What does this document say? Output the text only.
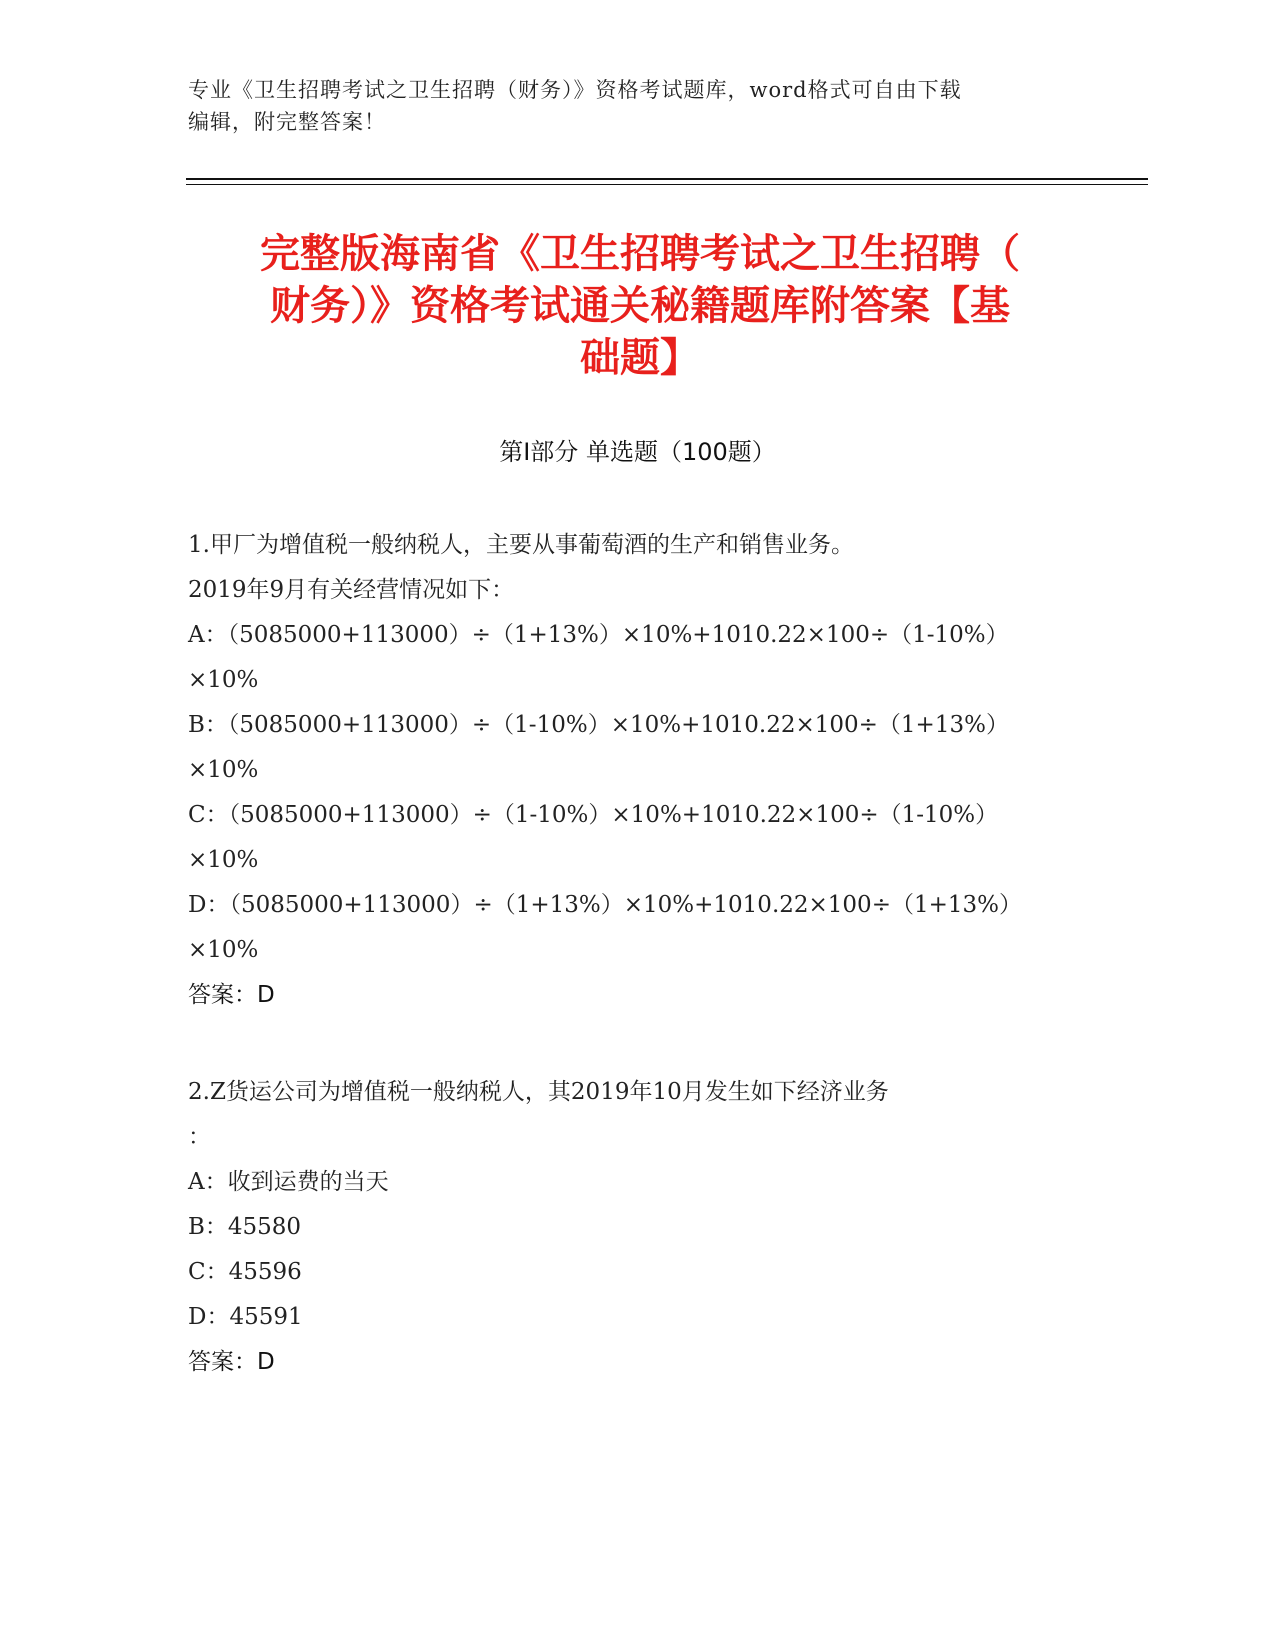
专业《卫生招聘考试之卫生招聘（财务）》资格考试题库，word格式可自由下载
编辑，附完整答案！
完整版海南省《卫生招聘考试之卫生招聘（
财务）》资格考试通关秘籍题库附答案【基
础题】
第Ⅰ部分 单选题（100题）
1.甲厂为增值税一般纳税人，主要从事葡萄酒的生产和销售业务。
2019年9月有关经营情况如下：
A：（5085000+113000）÷（1+13%）×10%+1010.22×100÷（1-10%）
×10%
B：（5085000+113000）÷（1-10%）×10%+1010.22×100÷（1+13%）
×10%
C：（5085000+113000）÷（1-10%）×10%+1010.22×100÷（1-10%）
×10%
D：（5085000+113000）÷（1+13%）×10%+1010.22×100÷（1+13%）
×10%
答案：D
2.Z货运公司为增值税一般纳税人，其2019年10月发生如下经济业务
：
A：收到运费的当天
B：45580
C：45596
D：45591
答案：D
